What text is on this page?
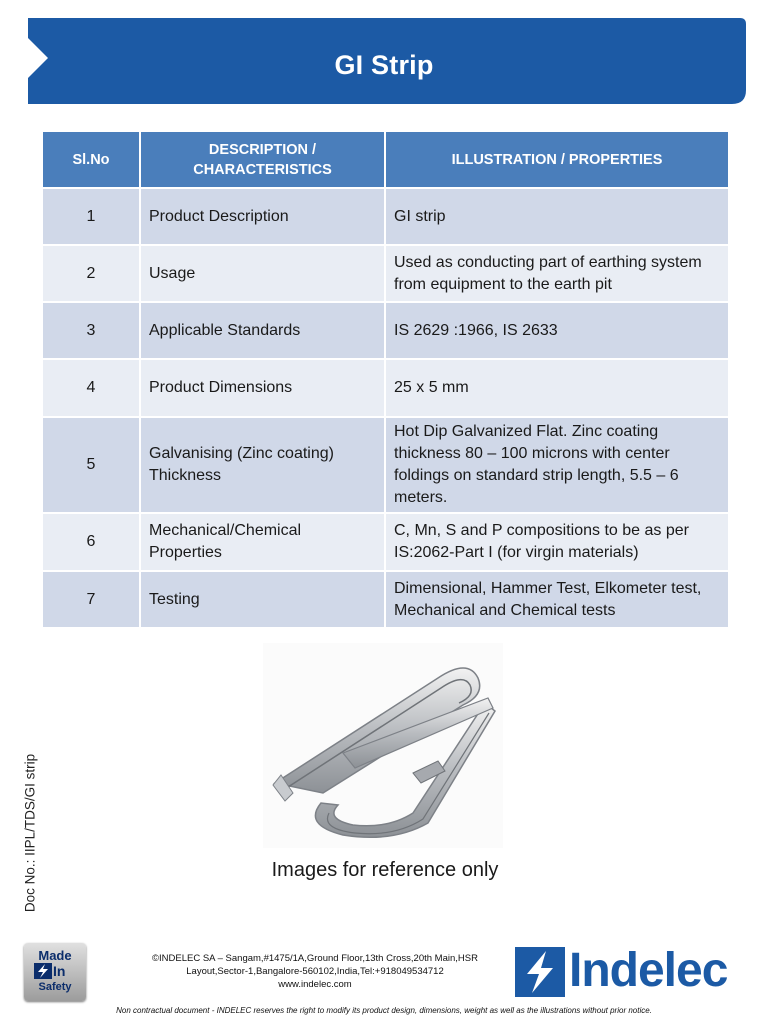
GI Strip
Sl.No	DESCRIPTION / CHARACTERISTICS	ILLUSTRATION / PROPERTIES
1	Product Description	GI strip
2	Usage	Used as conducting part of earthing system from equipment to the earth pit
3	Applicable Standards	IS 2629 :1966, IS 2633
4	Product Dimensions	25 x 5 mm
5	Galvanising (Zinc coating) Thickness	Hot Dip Galvanized Flat. Zinc coating thickness 80 – 100 microns with center foldings on standard strip length, 5.5 – 6 meters.
6	Mechanical/Chemical Properties	C, Mn, S and P compositions to be as per IS:2062-Part I (for virgin materials)
7	Testing	Dimensional, Hammer Test, Elkometer test, Mechanical and Chemical tests
Images for reference only
Doc No.: IIPL/TDS/GI strip
Made
In
Safety
©INDELEC SA – Sangam,#1475/1A,Ground Floor,13th Cross,20th Main,HSR
Layout,Sector-1,Bangalore-560102,India,Tel:+918049534712
www.indelec.com	Indelec
Non contractual document - INDELEC reserves the right to modify its product design, dimensions, weight as well as the illustrations without prior notice.
